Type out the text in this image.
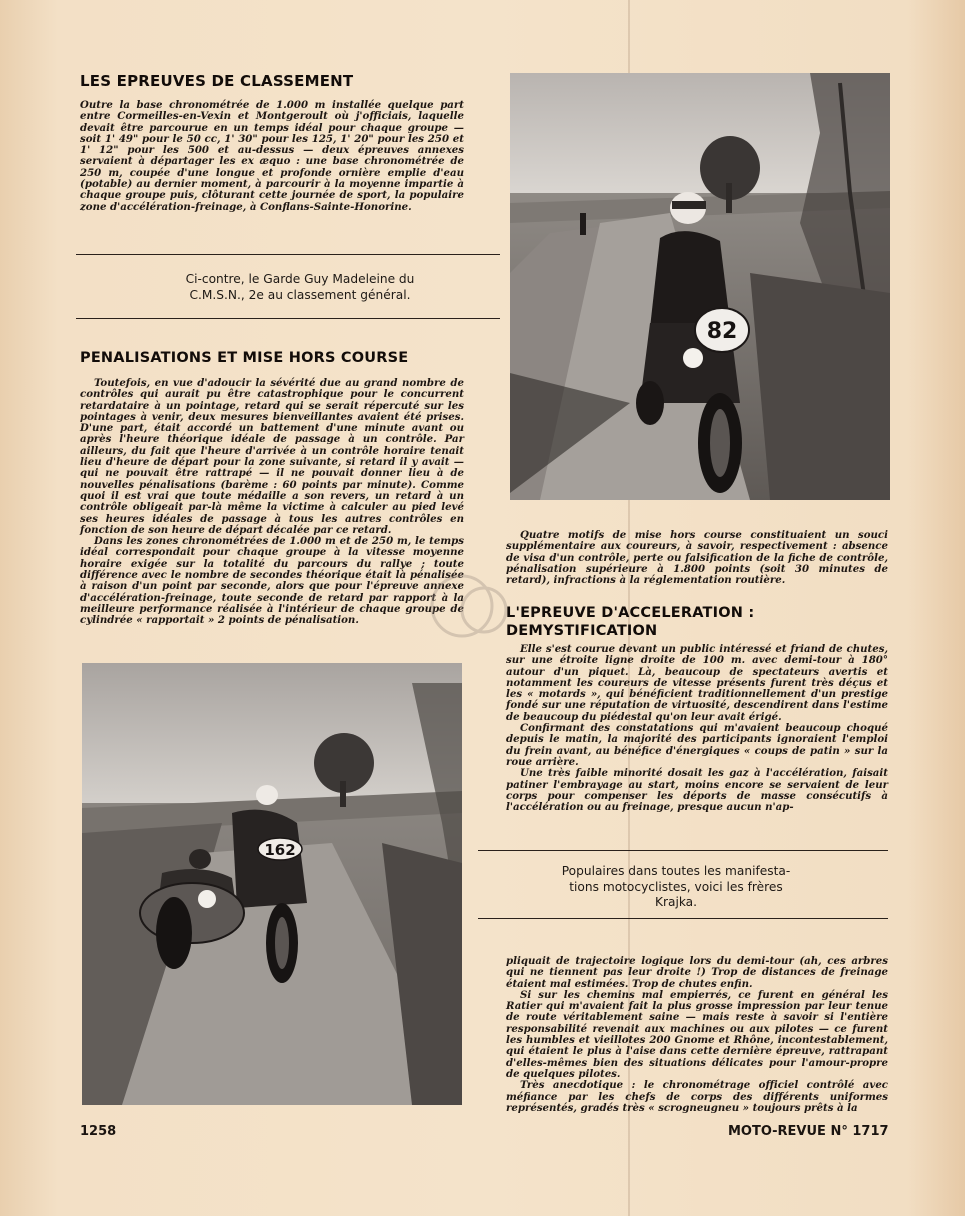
LES EPREUVES DE CLASSEMENT

Outre la base chronométrée de 1.000 m installée quelque part entre Cormeilles-en-Vexin et Montgeroult où j'officiais, laquelle devait être parcourue en un temps idéal pour chaque groupe — soit 1' 49" pour le 50 cc, 1' 30" pour les 125, 1' 20" pour les 250 et 1' 12" pour les 500 et au-dessus — deux épreuves annexes servaient à départager les ex æquo : une base chronométrée de 250 m, coupée d'une longue et profonde ornière emplie d'eau (potable) au dernier moment, à parcourir à la moyenne impartie à chaque groupe puis, clôturant cette journée de sport, la populaire zone d'accélération-freinage, à Conflans-Sainte-Honorine.

Ci-contre, le Garde Guy Madeleine du
C.M.S.N., 2e au classement général.

PENALISATIONS ET MISE HORS COURSE

Toutefois, en vue d'adoucir la sévérité due au grand nombre de contrôles qui aurait pu être catastrophique pour le concurrent retardataire à un pointage, retard qui se serait répercuté sur les pointages à venir, deux mesures bienveillantes avaient été prises. D'une part, était accordé un battement d'une minute avant ou après l'heure théorique idéale de passage à un contrôle. Par ailleurs, du fait que l'heure d'arrivée à un contrôle horaire tenait lieu d'heure de départ pour la zone suivante, si retard il y avait — qui ne pouvait être rattrapé — il ne pouvait donner lieu à de nouvelles pénalisations (barème : 60 points par minute). Comme quoi il est vrai que toute médaille a son revers, un retard à un contrôle obligeait par-là même la victime à calculer au pied levé ses heures idéales de passage à tous les autres contrôles en fonction de son heure de départ décalée par ce retard.

Dans les zones chronométrées de 1.000 m et de 250 m, le temps idéal correspondait pour chaque groupe à la vitesse moyenne horaire exigée sur la totalité du parcours du rallye ; toute différence avec le nombre de secondes théorique était là pénalisée à raison d'un point par seconde, alors que pour l'épreuve annexe d'accélération-freinage, toute seconde de retard par rapport à la meilleure performance réalisée à l'intérieur de chaque groupe de cylindrée « rapportait » 2 points de pénalisation.

82

Quatre motifs de mise hors course constituaient un souci supplémentaire aux coureurs, à savoir, respectivement : absence de visa d'un contrôle, perte ou falsification de la fiche de contrôle, pénalisation supérieure à 1.800 points (soit 30 minutes de retard), infractions à la réglementation routière.

L'EPREUVE D'ACCELERATION :
DEMYSTIFICATION

Elle s'est courue devant un public intéressé et friand de chutes, sur une étroite ligne droite de 100 m. avec demi-tour à 180° autour d'un piquet. Là, beaucoup de spectateurs avertis et notamment les coureurs de vitesse présents furent très déçus et les « motards », qui bénéficient traditionnellement d'un prestige fondé sur une réputation de virtuosité, descendirent dans l'estime de beaucoup du piédestal qu'on leur avait érigé.

Confirmant des constatations qui m'avaient beaucoup choqué depuis le matin, la majorité des participants ignoraient l'emploi du frein avant, au bénéfice d'énergiques « coups de patin » sur la roue arrière.

Une très faible minorité dosait les gaz à l'accélération, faisait patiner l'embrayage au start, moins encore se servaient de leur corps pour compenser les déports de masse consécutifs à l'accélération ou au freinage, presque aucun n'ap-

Populaires dans toutes les manifesta-
tions motocyclistes, voici les frères
Krajka.

pliquait de trajectoire logique lors du demi-tour (ah, ces arbres qui ne tiennent pas leur droite !) Trop de distances de freinage étaient mal estimées. Trop de chutes enfin.

Si sur les chemins mal empierrés, ce furent en général les Ratier qui m'avaient fait la plus grosse impression par leur tenue de route véritablement saine — mais reste à savoir si l'entière responsabilité revenait aux machines ou aux pilotes — ce furent les humbles et vieillotes 200 Gnome et Rhône, incontestablement, qui étaient le plus à l'aise dans cette dernière épreuve, rattrapant d'elles-mêmes bien des situations délicates pour l'amour-propre de quelques pilotes.

Très anecdotique : le chronométrage officiel contrôlé avec méfiance par les chefs de corps des différents uniformes représentés, gradés très « scrogneugneu » toujours prêts à la

162

1258	MOTO-REVUE N° 1717
